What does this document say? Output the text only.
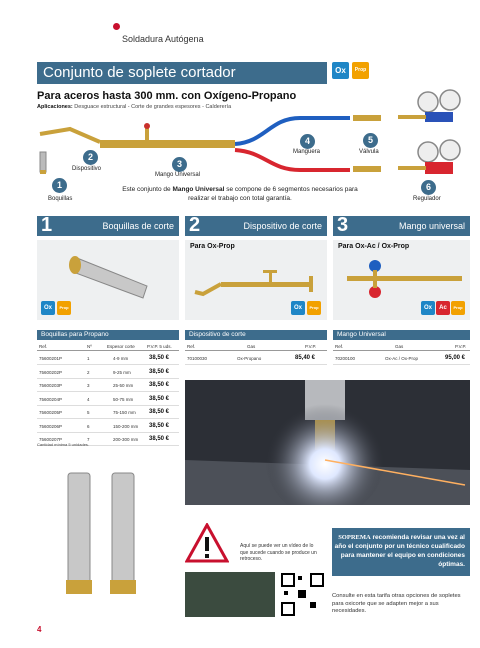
Soldadura Autógena
Conjunto de soplete cortador	Ox	Prop
Para aceros hasta 300 mm. con Oxígeno-Propano
Aplicaciones: Desguace estructural - Corte de grandes espesores - Calderería
1
Boquillas
2
Dispositivo	3
Mango Universal
4
Manguera
5
Válvula
6
Regulador
Este conjunto de Mango Universal se compone de 6 segmentos necesarios para realizar el trabajo con total garantía.
1	Boquillas de corte 2	Dispositivo de corte 3	Mango universal
Ox	Prop
Para Ox-Prop
Ox	Prop
Para Ox-Ac / Ox-Prop
Ox	Ac	Prop
Boquillas para Propano
Ref.	Nº	Espesor corte	P.V.P. 5 uds.
75600201P	1	4-9 mm	38,50 €
75600202P	2	9-25 mm	38,50 €
75600203P	3	25-50 mm	38,50 €
75600204P	4	50-75 mm	38,50 €
75600205P	5	75-150 mm 38,50 €
75600206P	6	150-200 mm 38,50 €
75600207P	7	200-300 mm 38,50 €
Cantidad mínima 5 unidades.
Dispositivo de corte
Ref.	Gas	P.V.P.
70100030	Ox-Propano	85,40 €
Mango Universal
Ref.	Gas	P.V.P.
70200100	Ox-Ac / Ox-Prop	95,00 €
Aquí se puede ver un vídeo de lo que sucede cuando se produce un retroceso.
SOPREMA recomienda revisar una vez al año el conjunto por un técnico cualificado para mantener el equipo en condiciones óptimas.
Consulte en esta tarifa otras opciones de sopletes para oxicorte que se adapten mejor a sus necesidades.
4
